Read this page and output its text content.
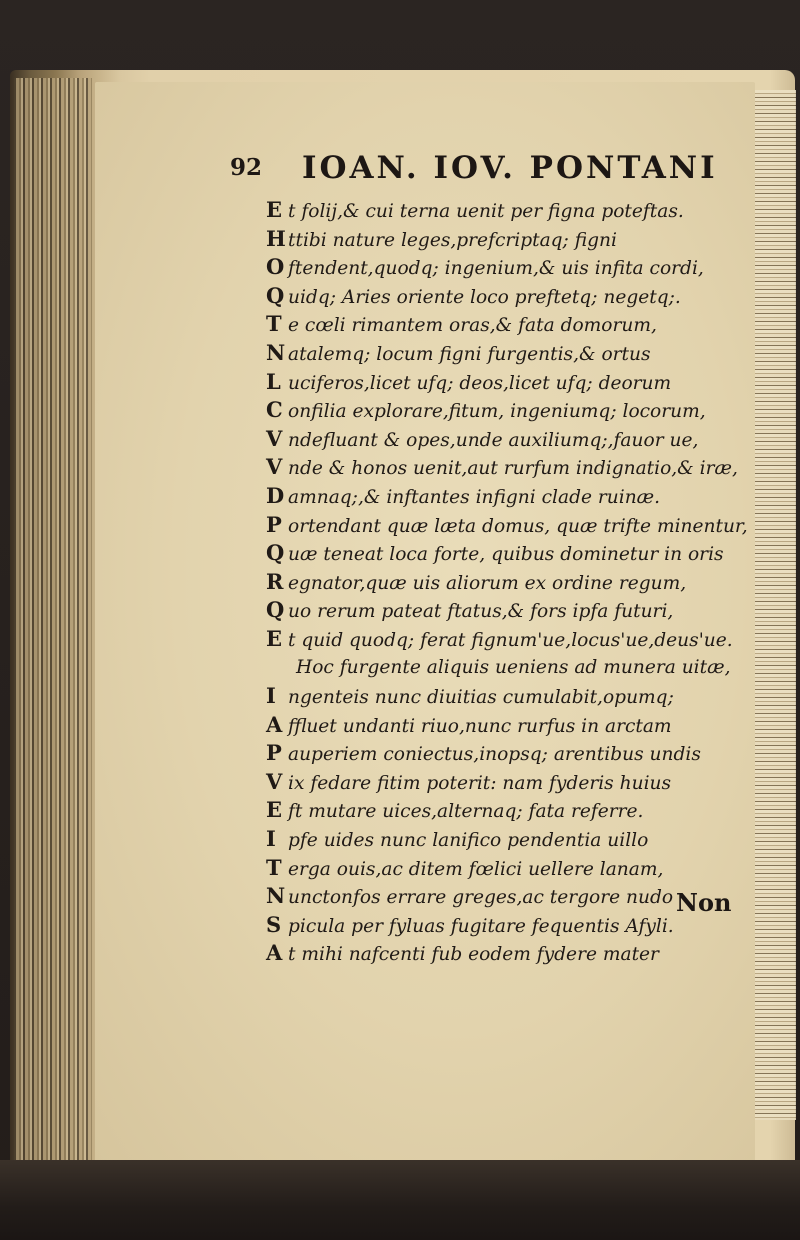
92 IOAN. IOV. PONTANI
E t folij,& cui terna uenit per figna poteftas.
H ttibi nature leges,prefcriptaq; figni
O ftendent,quodq; ingenium,& uis infita cordi,
Q uidq; Aries oriente loco preftetq; negetq;.
T e cœli rimantem oras,& fata domorum,
N atalemq; locum figni furgentis,& ortus
L uciferos,licet ufq; deos,licet ufq; deorum
C onfilia explorare,fitum, ingeniumq; locorum,
V ndefluant & opes,unde auxiliumq;,fauor ue,
V nde & honos uenit,aut rurfum indignatio,& iræ,
D amnaq;,& inftantes infigni clade ruinæ.
P ortendant quæ læta domus, quæ trifte minentur,
Q uæ teneat loca forte, quibus dominetur in oris
R egnator,quæ uis aliorum ex ordine regum,
Q uo rerum pateat ftatus,& fors ipfa futuri,
E t quid quodq; ferat fignum'ue,locus'ue,deus'ue.
Hoc furgente aliquis ueniens ad munera uitæ,
I ngenteis nunc diuitias cumulabit,opumq;
A ffluet undanti riuo,nunc rurfus in arctam
P auperiem coniectus,inopsq; arentibus undis
V ix fedare fitim poterit: nam fyderis huius
E ft mutare uices,alternaq; fata referre.
I pfe uides nunc lanifico pendentia uillo
T erga ouis,ac ditem fœlici uellere lanam,
N unctonfos errare greges,ac tergore nudo
S picula per fyluas fugitare fequentis Afyli.
A t mihi nafcenti fub eodem fydere mater
Non
